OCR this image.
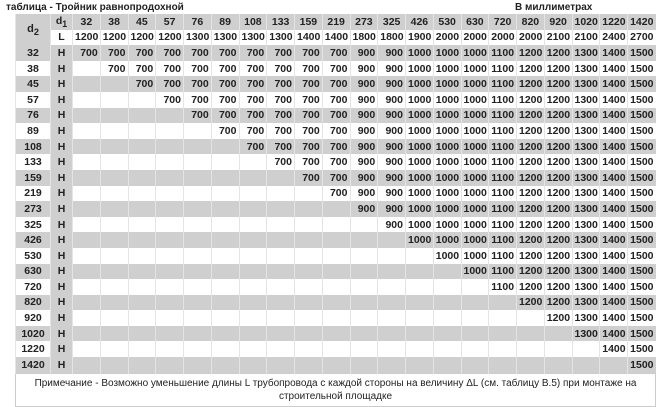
таблица - Тройник равнопродохной	В миллиметрах
$d_2$	$d_1$	32	38	45	57	76	89	108	133	159	219	273	325	426	530	630	720	820	920	1020	1220	1420
	L	1200	1200	1200	1200	1300	1300	1300	1300	1400	1400	1800	1800	1900	2000	2000	2000	2000	2100	2100	2400	2700
32	H	700	700	700	700	700	700	700	700	700	700	900	900	1000	1000	1000	1100	1200	1200	1300	1400	1500
38	H		700	700	700	700	700	700	700	700	700	900	900	1000	1000	1000	1100	1200	1200	1300	1400	1500
45	H			700	700	700	700	700	700	700	700	900	900	1000	1000	1000	1100	1200	1200	1300	1400	1500
57	H				700	700	700	700	700	700	700	900	900	1000	1000	1000	1100	1200	1200	1300	1400	1500
76	H					700	700	700	700	700	700	900	900	1000	1000	1000	1100	1200	1200	1300	1400	1500
89	H						700	700	700	700	700	900	900	1000	1000	1000	1100	1200	1200	1300	1400	1500
108	H							700	700	700	700	900	900	1000	1000	1000	1100	1200	1200	1300	1400	1500
133	H								700	700	700	900	900	1000	1000	1000	1100	1200	1200	1300	1400	1500
159	H									700	700	900	900	1000	1000	1000	1100	1200	1200	1300	1400	1500
219	H										700	900	900	1000	1000	1000	1100	1200	1200	1300	1400	1500
273	H											900	900	1000	1000	1000	1100	1200	1200	1300	1400	1500
325	H												900	1000	1000	1000	1100	1200	1200	1300	1400	1500
426	H													1000	1000	1000	1100	1200	1200	1300	1400	1500
530	H														1000	1000	1100	1200	1200	1300	1400	1500
630	H															1000	1100	1200	1200	1300	1400	1500
720	H																1100	1200	1200	1300	1400	1500
820	H																	1200	1200	1300	1400	1500
920	H																		1200	1300	1400	1500
1020	H																			1300	1400	1500
1220	H																				1400	1500
1420	H																					1500
Примечание - Возможно уменьшение длины L трубопровода с каждой стороны на величину ΔL (см. таблицу В.5) при монтаже на строительной площадке																						
